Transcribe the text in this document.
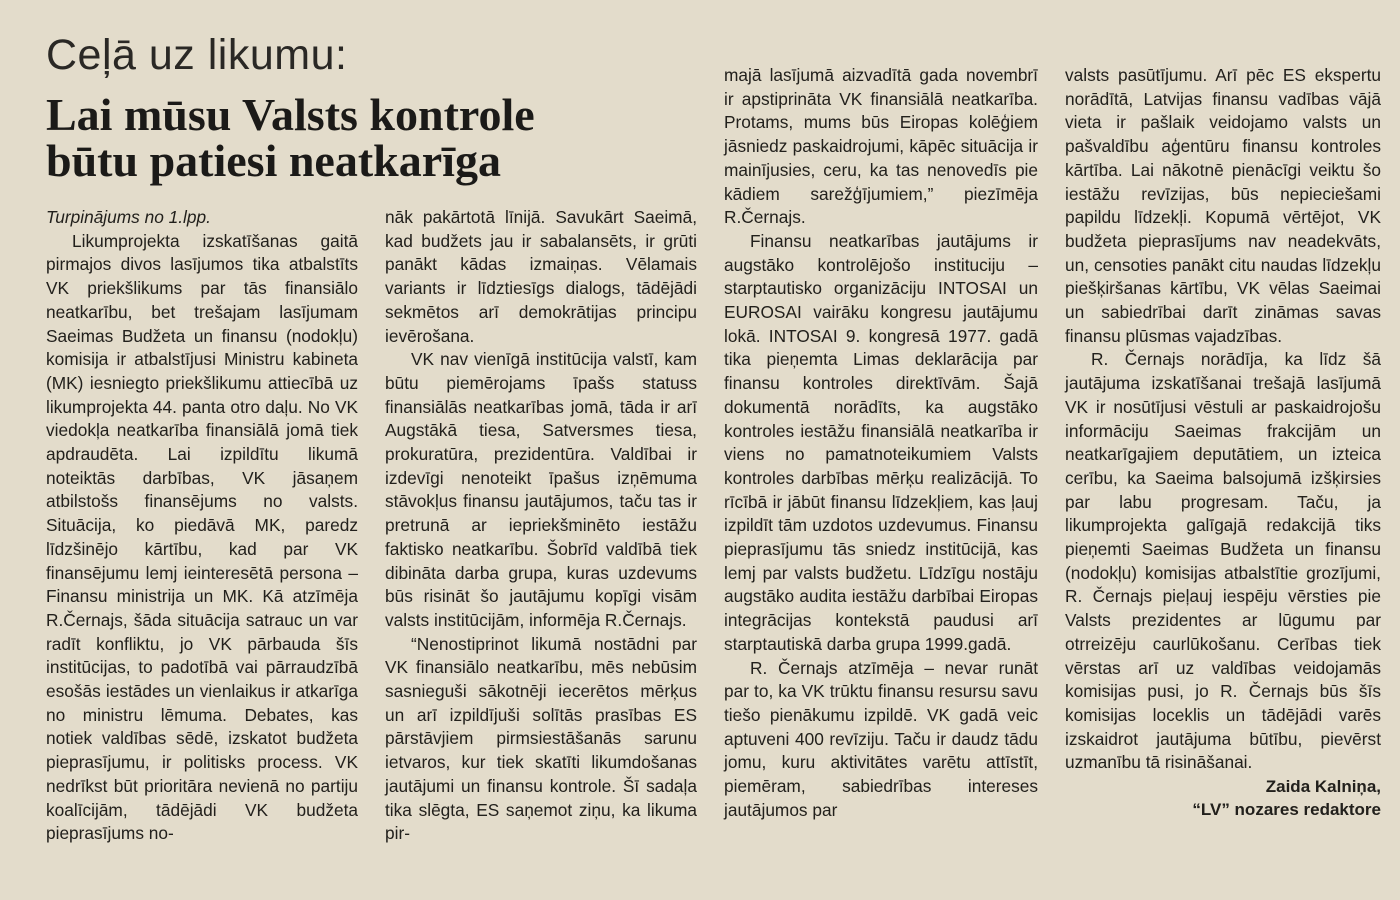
Ceļā uz likumu:
Lai mūsu Valsts kontrole
būtu patiesi neatkarīga

Turpinājums no 1.lpp.

Likumprojekta izskatīšanas gaitā pirmajos divos lasījumos tika atbalstīts VK priekšlikums par tās finansiālo neatkarību, bet trešajam lasījumam Saeimas Budžeta un finansu (nodokļu) komisija ir atbalstījusi Ministru kabineta (MK) iesniegto priekšlikumu attiecībā uz likumprojekta 44. panta otro daļu. No VK viedokļa neatkarība finansiālā jomā tiek apdraudēta. Lai izpildītu likumā noteiktās darbības, VK jāsaņem atbilstošs finansējums no valsts. Situācija, ko piedāvā MK, paredz līdzšinējo kārtību, kad par VK finansējumu lemj ieinteresētā persona – Finansu ministrija un MK. Kā atzīmēja R.Černajs, šāda situācija satrauc un var radīt konfliktu, jo VK pārbauda šīs institūcijas, to padotībā vai pārraudzībā esošās iestādes un vienlaikus ir atkarīga no ministru lēmuma. Debates, kas notiek valdības sēdē, izskatot budžeta pieprasījumu, ir politisks process. VK nedrīkst būt prioritāra nevienā no partiju koalīcijām, tādējādi VK budžeta pieprasījums no-

nāk pakārtotā līnijā. Savukārt Saeimā, kad budžets jau ir sabalansēts, ir grūti panākt kādas izmaiņas. Vēlamais variants ir līdztiesīgs dialogs, tādējādi sekmētos arī demokrātijas principu ievērošana.

VK nav vienīgā institūcija valstī, kam būtu piemērojams īpašs statuss finansiālās neatkarības jomā, tāda ir arī Augstākā tiesa, Satversmes tiesa, prokuratūra, prezidentūra. Valdībai ir izdevīgi nenoteikt īpašus izņēmuma stāvokļus finansu jautājumos, taču tas ir pretrunā ar iepriekšminēto iestāžu faktisko neatkarību. Šobrīd valdībā tiek dibināta darba grupa, kuras uzdevums būs risināt šo jautājumu kopīgi visām valsts institūcijām, informēja R.Černajs.

“Nenostiprinot likumā nostādni par VK finansiālo neatkarību, mēs nebūsim sasnieguši sākotnēji iecerētos mērķus un arī izpildījuši solītās prasības ES pārstāvjiem pirmsiestāšanās sarunu ietvaros, kur tiek skatīti likumdošanas jautājumi un finansu kontrole. Šī sadaļa tika slēgta, ES saņemot ziņu, ka likuma pir-

majā lasījumā aizvadītā gada novembrī ir apstiprināta VK finansiālā neatkarība. Protams, mums būs Eiropas kolēģiem jāsniedz paskaidrojumi, kāpēc situācija ir mainījusies, ceru, ka tas nenovedīs pie kādiem sarežģījumiem,” piezīmēja R.Černajs.

Finansu neatkarības jautājums ir augstāko kontrolējošo instituciju – starptautisko organizāciju INTOSAI un EUROSAI vairāku kongresu jautājumu lokā. INTOSAI 9. kongresā 1977. gadā tika pieņemta Limas deklarācija par finansu kontroles direktīvām. Šajā dokumentā norādīts, ka augstāko kontroles iestāžu finansiālā neatkarība ir viens no pamatnoteikumiem Valsts kontroles darbības mērķu realizācijā. To rīcībā ir jābūt finansu līdzekļiem, kas ļauj izpildīt tām uzdotos uzdevumus. Finansu pieprasījumu tās sniedz institūcijā, kas lemj par valsts budžetu. Līdzīgu nostāju augstāko audita iestāžu darbībai Eiropas integrācijas kontekstā paudusi arī starptautiskā darba grupa 1999.gadā.

R. Černajs atzīmēja – nevar runāt par to, ka VK trūktu finansu resursu savu tiešo pienākumu izpildē. VK gadā veic aptuveni 400 revīziju. Taču ir daudz tādu jomu, kuru aktivitātes varētu attīstīt, piemēram, sabiedrības intereses jautājumos par

valsts pasūtījumu. Arī pēc ES ekspertu norādītā, Latvijas finansu vadības vājā vieta ir pašlaik veidojamo valsts un pašvaldību aģentūru finansu kontroles kārtība. Lai nākotnē pienācīgi veiktu šo iestāžu revīzijas, būs nepieciešami papildu līdzekļi. Kopumā vērtējot, VK budžeta pieprasījums nav neadekvāts, un, censoties panākt citu naudas līdzekļu piešķiršanas kārtību, VK vēlas Saeimai un sabiedrībai darīt zināmas savas finansu plūsmas vajadzības.

R. Černajs norādīja, ka līdz šā jautājuma izskatīšanai trešajā lasījumā VK ir nosūtījusi vēstuli ar paskaidrojošu informāciju Saeimas frakcijām un neatkarīgajiem deputātiem, un izteica cerību, ka Saeima balsojumā izšķirsies par labu progresam. Taču, ja likumprojekta galīgajā redakcijā tiks pieņemti Saeimas Budžeta un finansu (nodokļu) komisijas atbalstītie grozījumi, R. Černajs pieļauj iespēju vērsties pie Valsts prezidentes ar lūgumu par otrreizēju caurlūkošanu. Cerības tiek vērstas arī uz valdības veidojamās komisijas pusi, jo R. Černajs būs šīs komisijas loceklis un tādējādi varēs izskaidrot jautājuma būtību, pievērst uzmanību tā risināšanai.

Zaida Kalniņa,
“LV” nozares redaktore
